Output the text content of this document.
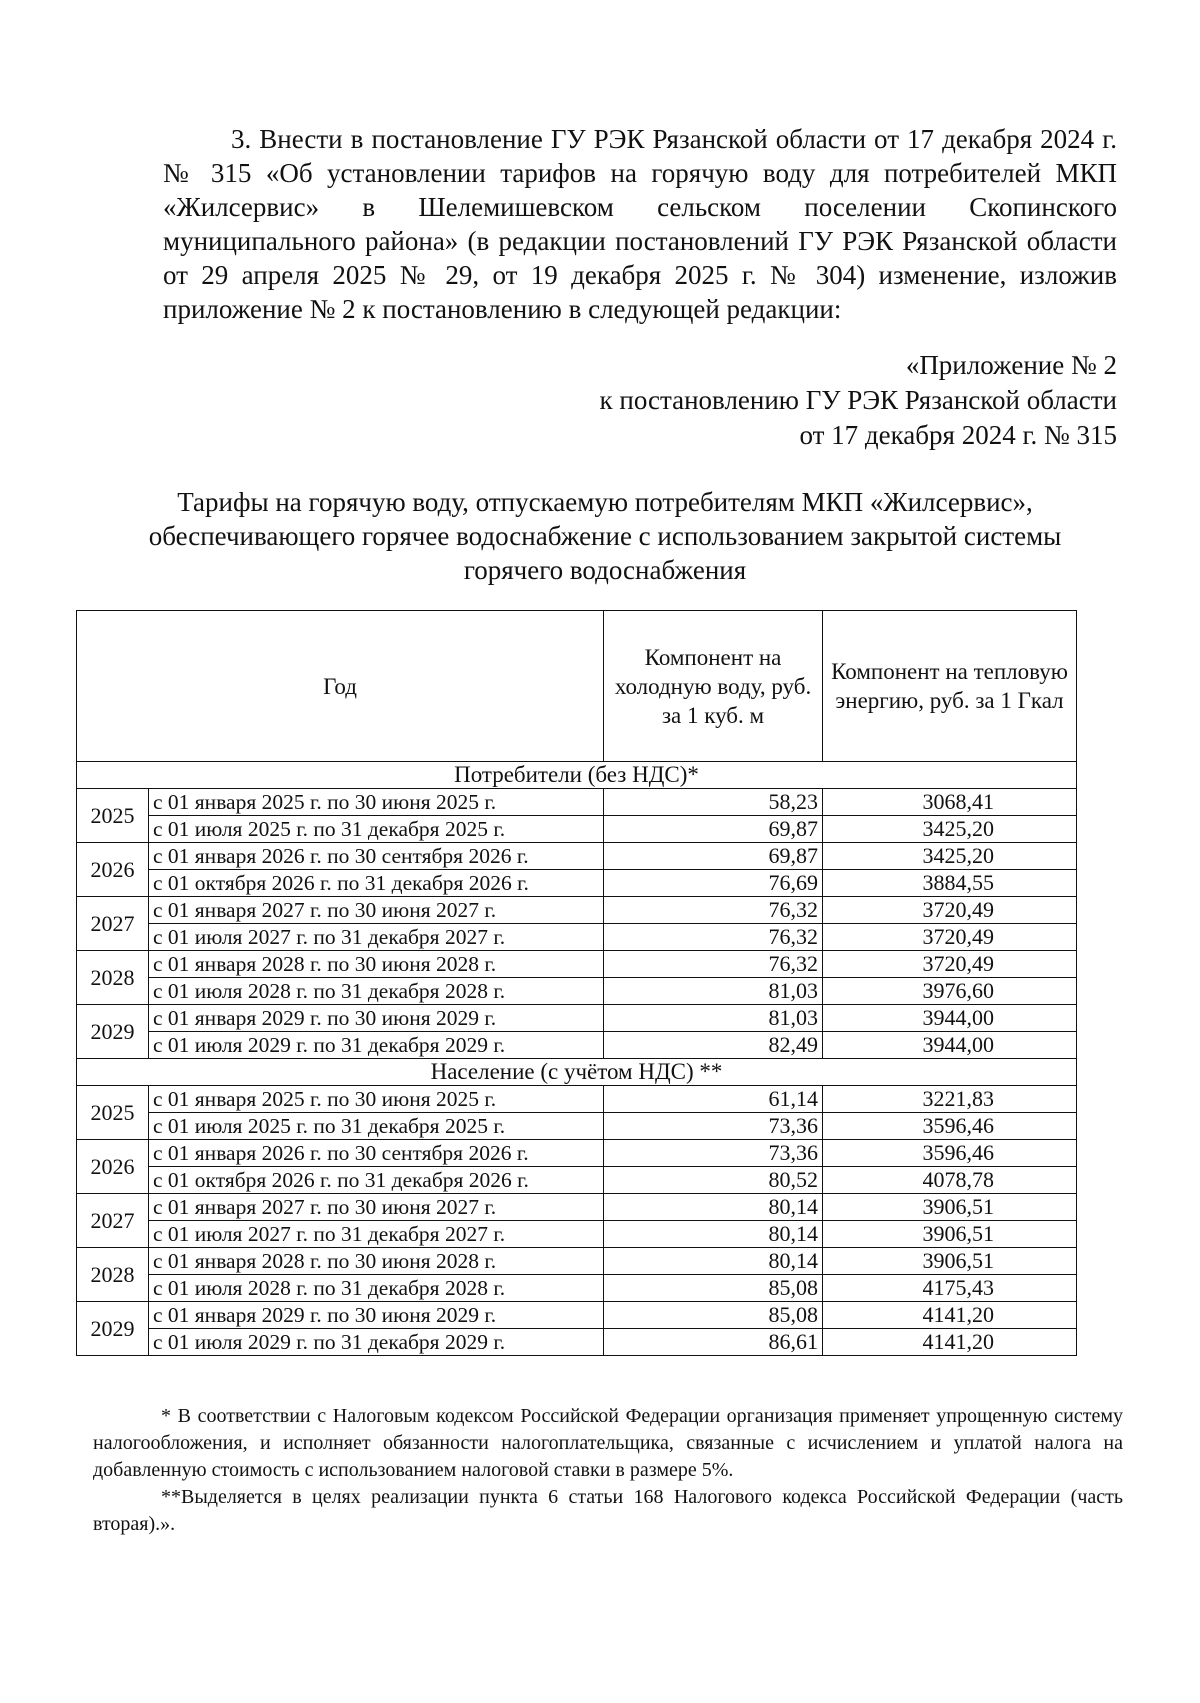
3. Внести в постановление ГУ РЭК Рязанской области от 17 декабря 2024 г. № 315 «Об установлении тарифов на горячую воду для потребителей МКП «Жилсервис» в Шелемишевском сельском поселении Скопинского муниципального района» (в редакции постановлений ГУ РЭК Рязанской области от 29 апреля 2025 № 29, от 19 декабря 2025 г. № 304) изменение, изложив приложение № 2 к постановлению в следующей редакции:

«Приложение № 2
к постановлению ГУ РЭК Рязанской области
от 17 декабря 2024 г. № 315
Тарифы на горячую воду, отпускаемую потребителям МКП «Жилсервис»,
обеспечивающего горячее водоснабжение с использованием закрытой системы
горячего водоснабжения
Год		Компонент на холодную воду, руб. за 1 куб. м	Компонент на тепловую энергию, руб. за 1 Гкал
Потребители (без НДС)*			
2025	с 01 января 2025 г. по 30 июня 2025 г.	58,23	3068,41
	с 01 июля 2025 г. по 31 декабря 2025 г.	69,87	3425,20
2026	с 01 января 2026 г. по 30 сентября 2026 г.	69,87	3425,20
	с 01 октября 2026 г. по 31 декабря 2026 г.	76,69	3884,55
2027	с 01 января 2027 г. по 30 июня 2027 г.	76,32	3720,49
	с 01 июля 2027 г. по 31 декабря 2027 г.	76,32	3720,49
2028	с 01 января 2028 г. по 30 июня 2028 г.	76,32	3720,49
	с 01 июля 2028 г. по 31 декабря 2028 г.	81,03	3976,60
2029	с 01 января 2029 г. по 30 июня 2029 г.	81,03	3944,00
	с 01 июля 2029 г. по 31 декабря 2029 г.	82,49	3944,00
Население (с учётом НДС) **			
2025	с 01 января 2025 г. по 30 июня 2025 г.	61,14	3221,83
	с 01 июля 2025 г. по 31 декабря 2025 г.	73,36	3596,46
2026	с 01 января 2026 г. по 30 сентября 2026 г.	73,36	3596,46
	с 01 октября 2026 г. по 31 декабря 2026 г.	80,52	4078,78
2027	с 01 января 2027 г. по 30 июня 2027 г.	80,14	3906,51
	с 01 июля 2027 г. по 31 декабря 2027 г.	80,14	3906,51
2028	с 01 января 2028 г. по 30 июня 2028 г.	80,14	3906,51
	с 01 июля 2028 г. по 31 декабря 2028 г.	85,08	4175,43
2029	с 01 января 2029 г. по 30 июня 2029 г.	85,08	4141,20
	с 01 июля 2029 г. по 31 декабря 2029 г.	86,61	4141,20

* В соответствии с Налоговым кодексом Российской Федерации организация применяет упрощенную систему налогообложения, и исполняет обязанности налогоплательщика, связанные с исчислением и уплатой налога на добавленную стоимость с использованием налоговой ставки в размере 5%.

**Выделяется в целях реализации пункта 6 статьи 168 Налогового кодекса Российской Федерации (часть вторая).».
